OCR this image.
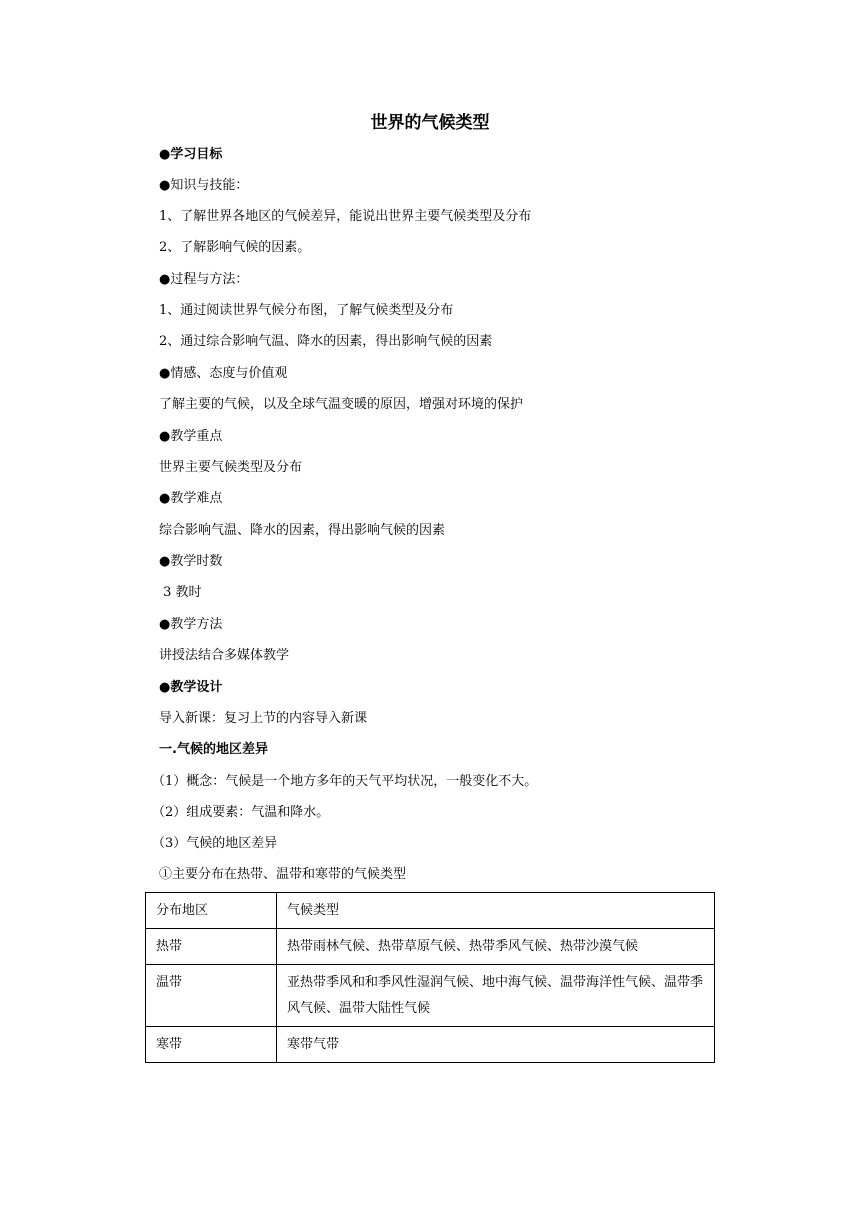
世界的气候类型
●学习目标
●知识与技能：
1、了解世界各地区的气候差异，能说出世界主要气候类型及分布
2、了解影响气候的因素。
●过程与方法：
1、通过阅读世界气候分布图，了解气候类型及分布
2、通过综合影响气温、降水的因素，得出影响气候的因素
●情感、态度与价值观
了解主要的气候，以及全球气温变暖的原因，增强对环境的保护
●教学重点
世界主要气候类型及分布
●教学难点
综合影响气温、降水的因素，得出影响气候的因素
●教学时数
3 教时
●教学方法
讲授法结合多媒体教学
●教学设计
导入新课：复习上节的内容导入新课
一.气候的地区差异
（1）概念：气候是一个地方多年的天气平均状况，一般变化不大。
（2）组成要素：气温和降水。
（3）气候的地区差异
①主要分布在热带、温带和寒带的气候类型
分布地区	气候类型
热带	热带雨林气候、热带草原气候、热带季风气候、热带沙漠气候
温带	亚热带季风和和季风性湿润气候、地中海气候、温带海洋性气候、温带季风气候、温带大陆性气候
寒带	寒带气带
